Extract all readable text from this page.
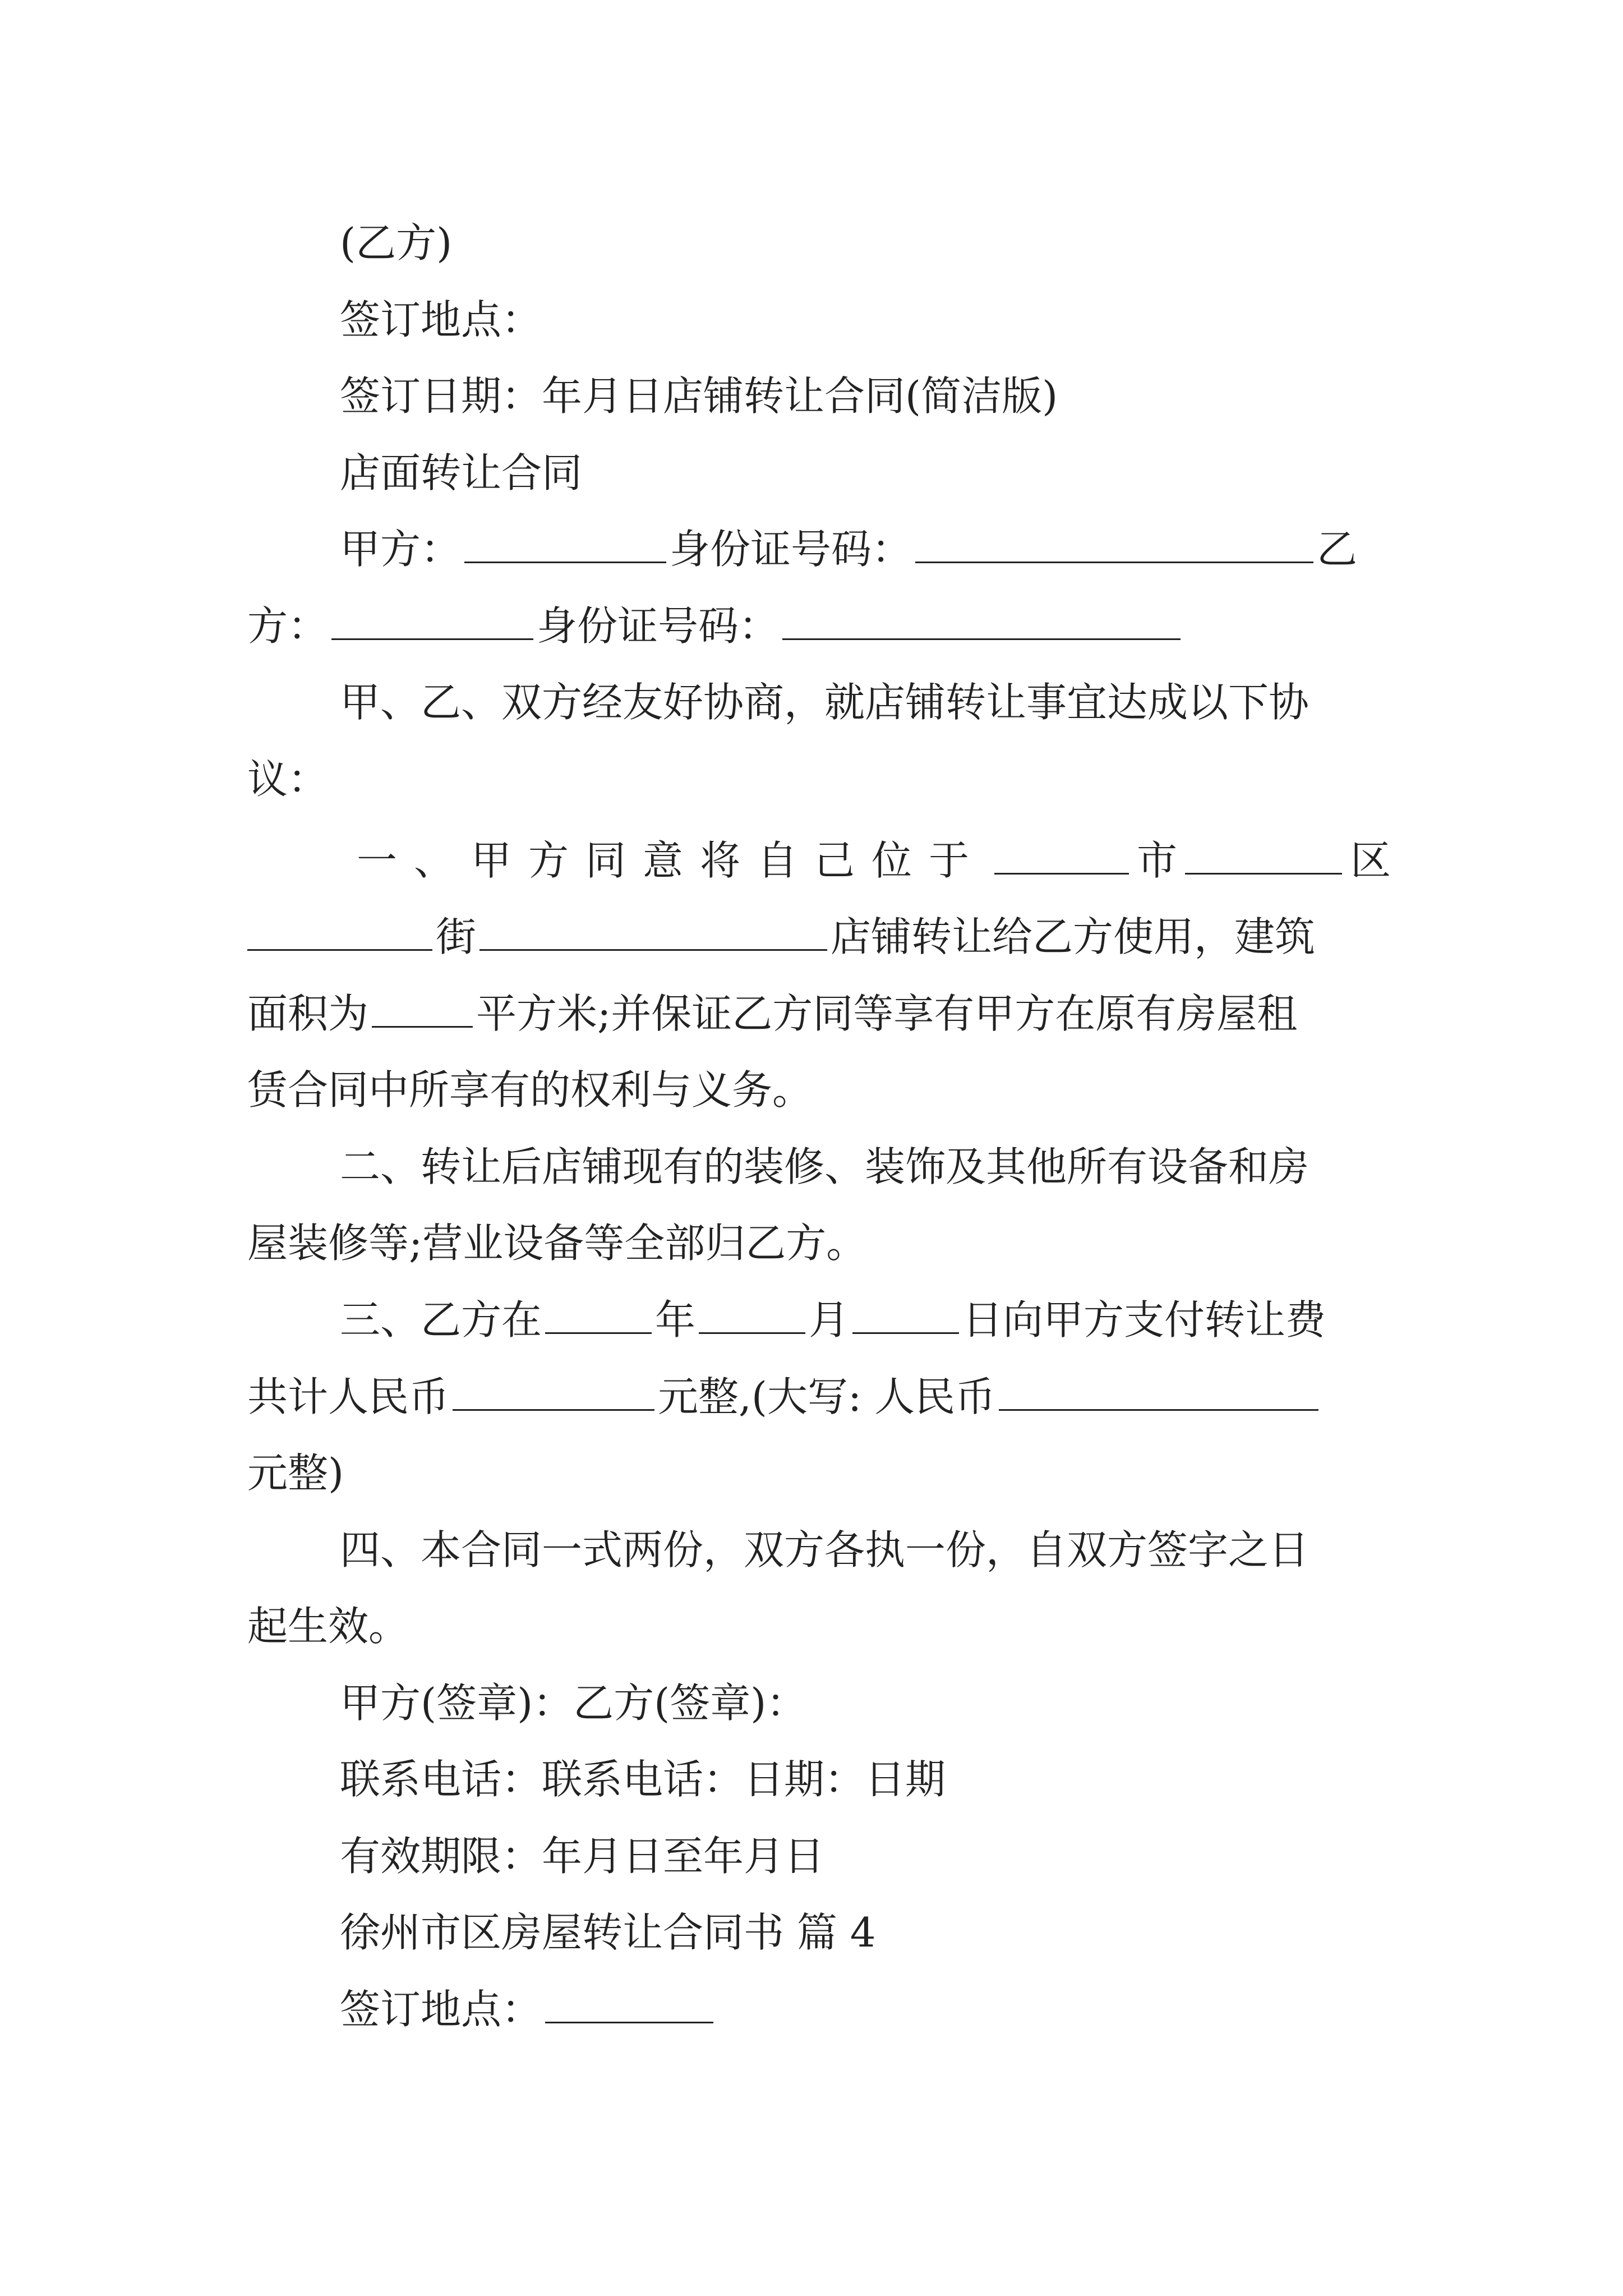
(乙方)
签订地点：
签订日期：年月日店铺转让合同(简洁版)
店面转让合同
甲方：	身份证号码：	乙
方：	身份证号码：
甲、乙、双方经友好协商，就店铺转让事宜达成以下协
议：
一、甲方同意将自己位于	市	区
街	店铺转让给乙方使用，建筑
面积为	平方米;并保证乙方同等享有甲方在原有房屋租
赁合同中所享有的权利与义务。
二、转让后店铺现有的装修、装饰及其他所有设备和房
屋装修等;营业设备等全部归乙方。
三、乙方在	年	月	日向甲方支付转让费
共计人民币	元整,(大写: 人民币
元整)
四、本合同一式两份，双方各执一份，自双方签字之日
起生效。
甲方(签章)：乙方(签章)：
联系电话：联系电话：日期：日期
有效期限：年月日至年月日
徐州市区房屋转让合同书 篇 4
签订地点：
